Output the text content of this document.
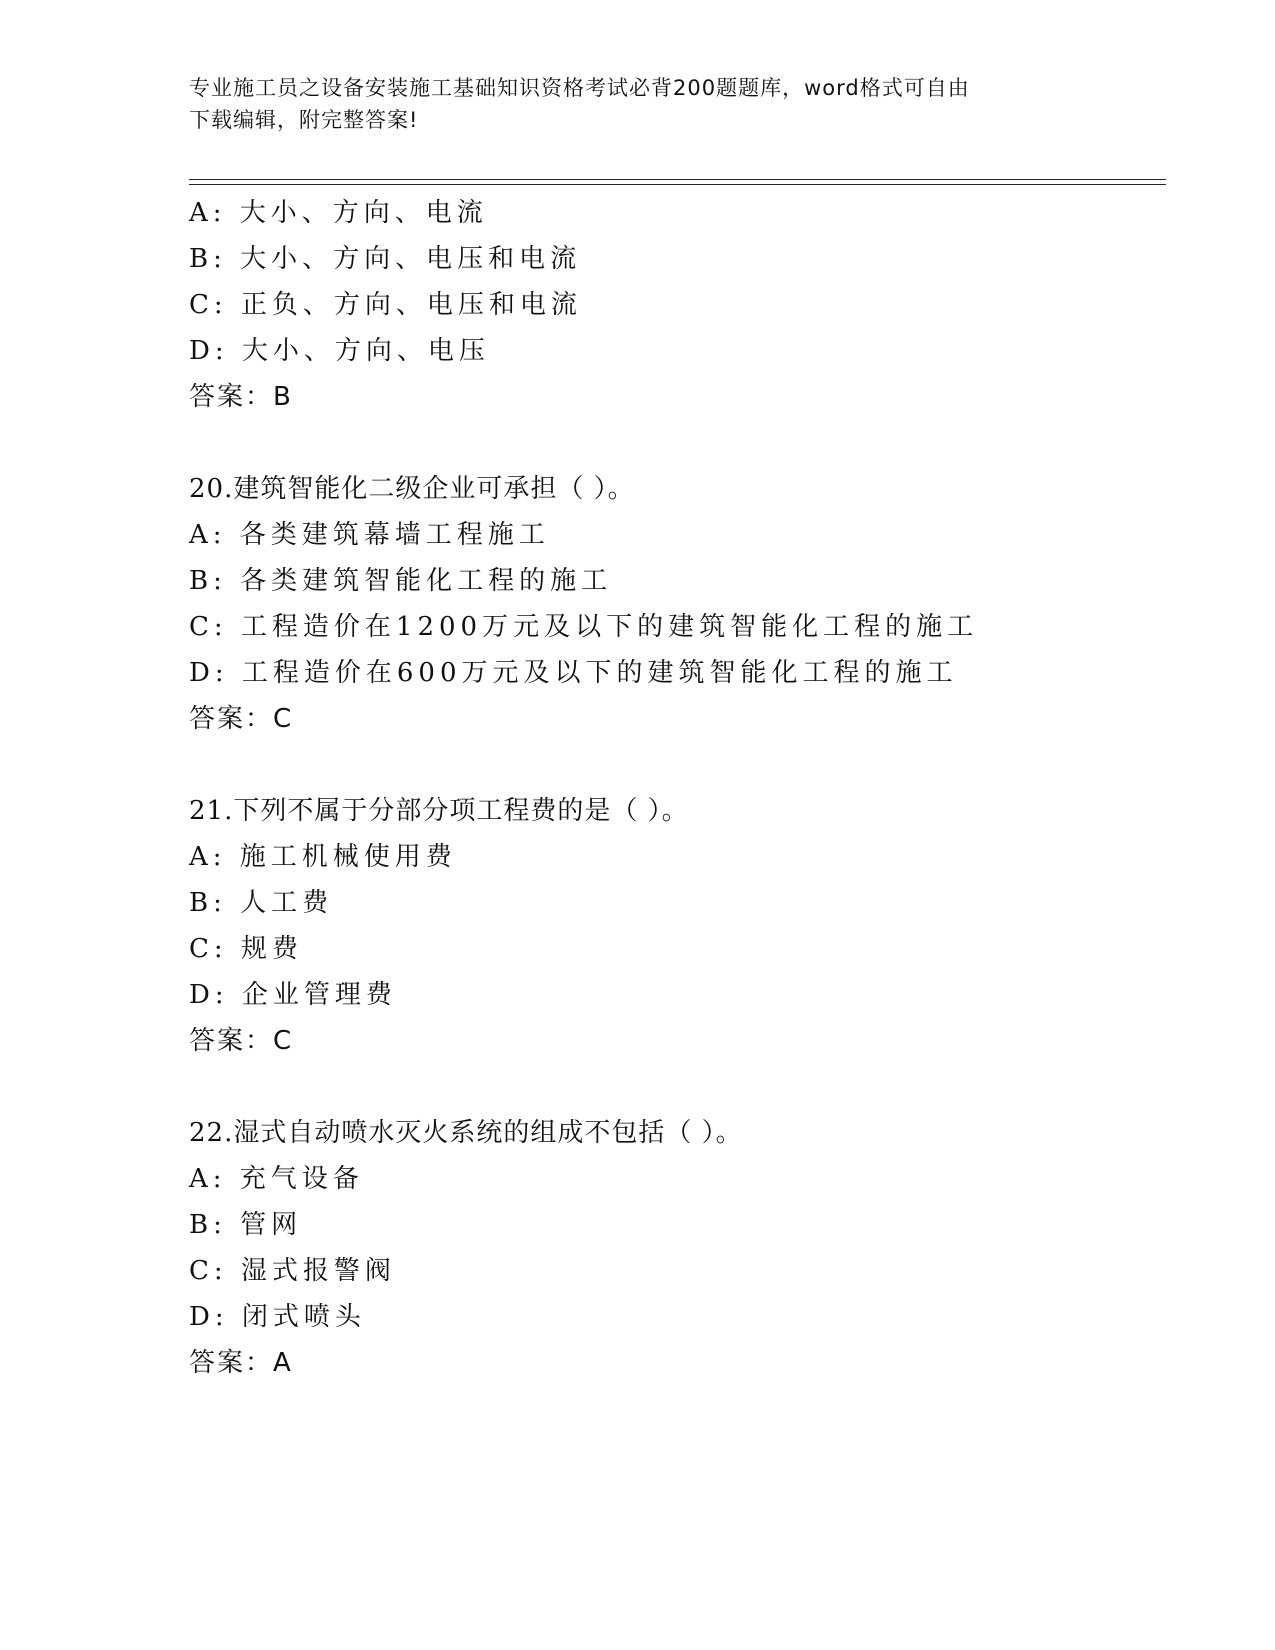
专业施工员之设备安装施工基础知识资格考试必背200题题库，word格式可自由
下载编辑，附完整答案!
A: 大小、方向、电流
B: 大小、方向、电压和电流
C: 正负、方向、电压和电流
D: 大小、方向、电压
答案：B
20.建筑智能化二级企业可承担（ ）。
A: 各类建筑幕墙工程施工
B: 各类建筑智能化工程的施工
C: 工程造价在1200万元及以下的建筑智能化工程的施工
D: 工程造价在600万元及以下的建筑智能化工程的施工
答案：C
21.下列不属于分部分项工程费的是（ ）。
A: 施工机械使用费
B: 人工费
C: 规费
D: 企业管理费
答案：C
22.湿式自动喷水灭火系统的组成不包括（ ）。
A: 充气设备
B: 管网
C: 湿式报警阀
D: 闭式喷头
答案：A
